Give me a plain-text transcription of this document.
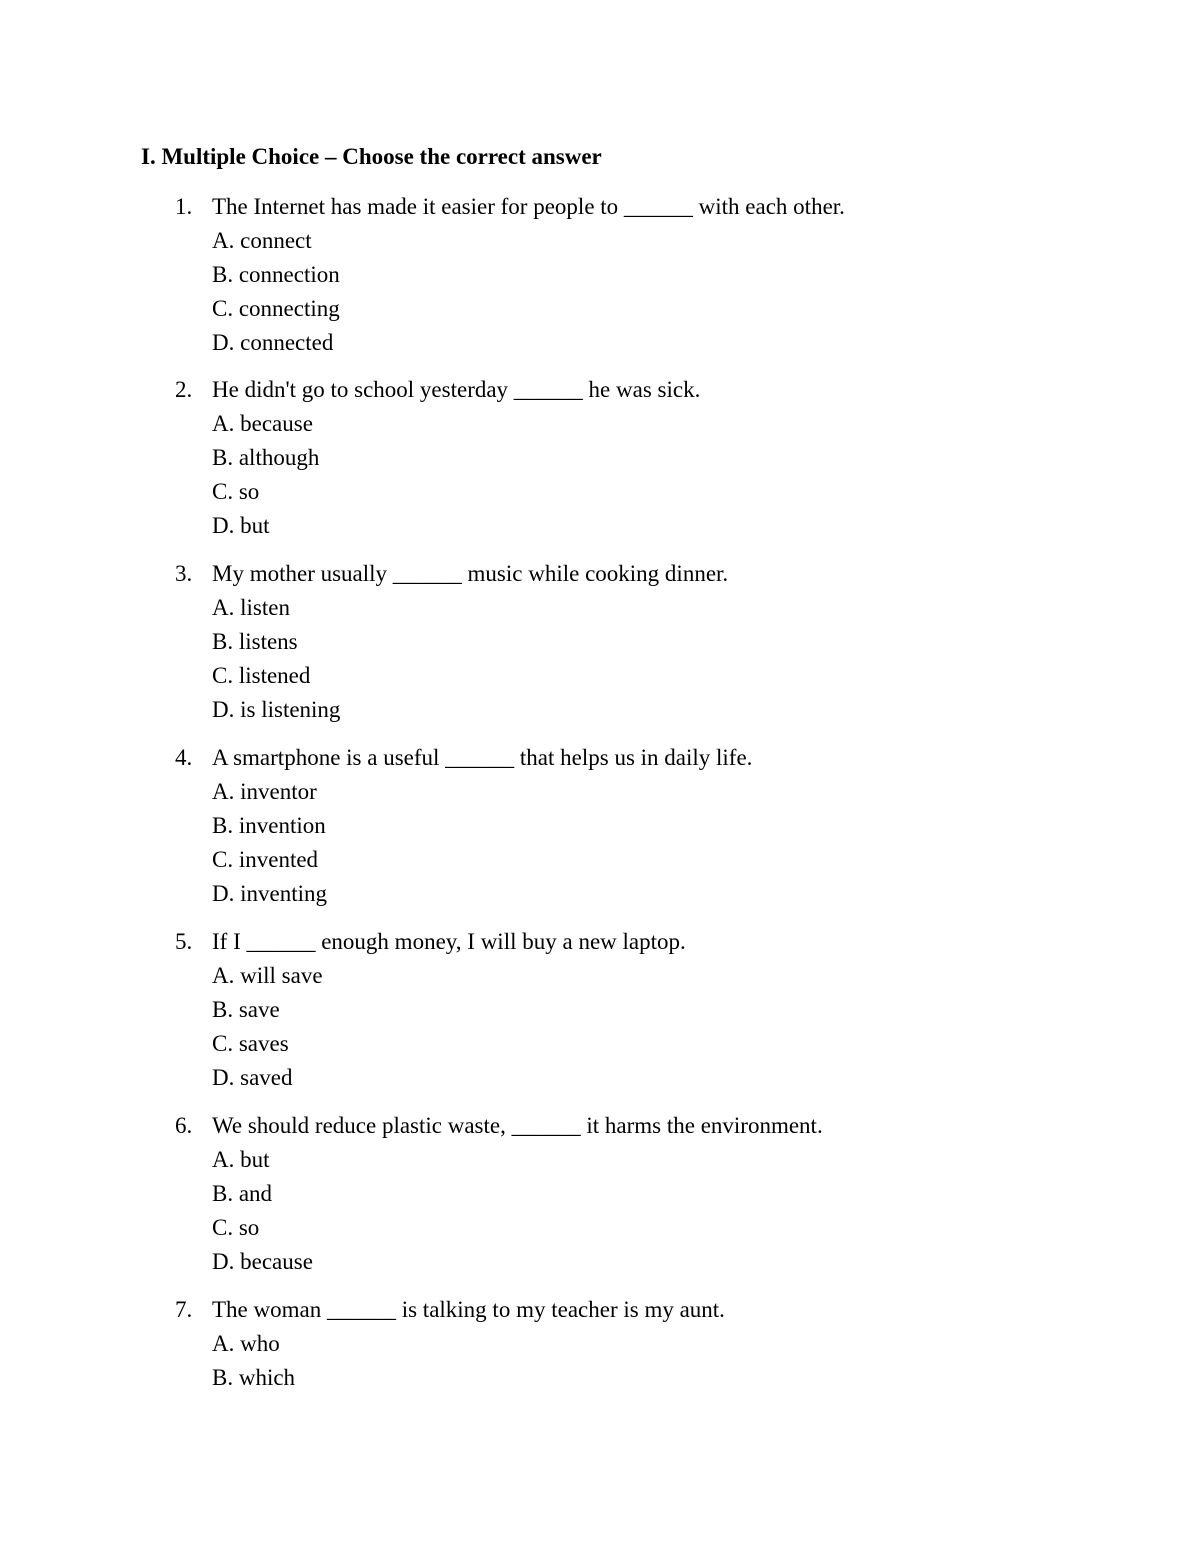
I. Multiple Choice – Choose the correct answer
1. The Internet has made it easier for people to ______ with each other.
A. connect
B. connection
C. connecting
D. connected
2. He didn't go to school yesterday ______ he was sick.
A. because
B. although
C. so
D. but
3. My mother usually ______ music while cooking dinner.
A. listen
B. listens
C. listened
D. is listening
4. A smartphone is a useful ______ that helps us in daily life.
A. inventor
B. invention
C. invented
D. inventing
5. If I ______ enough money, I will buy a new laptop.
A. will save
B. save
C. saves
D. saved
6. We should reduce plastic waste, ______ it harms the environment.
A. but
B. and
C. so
D. because
7. The woman ______ is talking to my teacher is my aunt.
A. who
B. which
